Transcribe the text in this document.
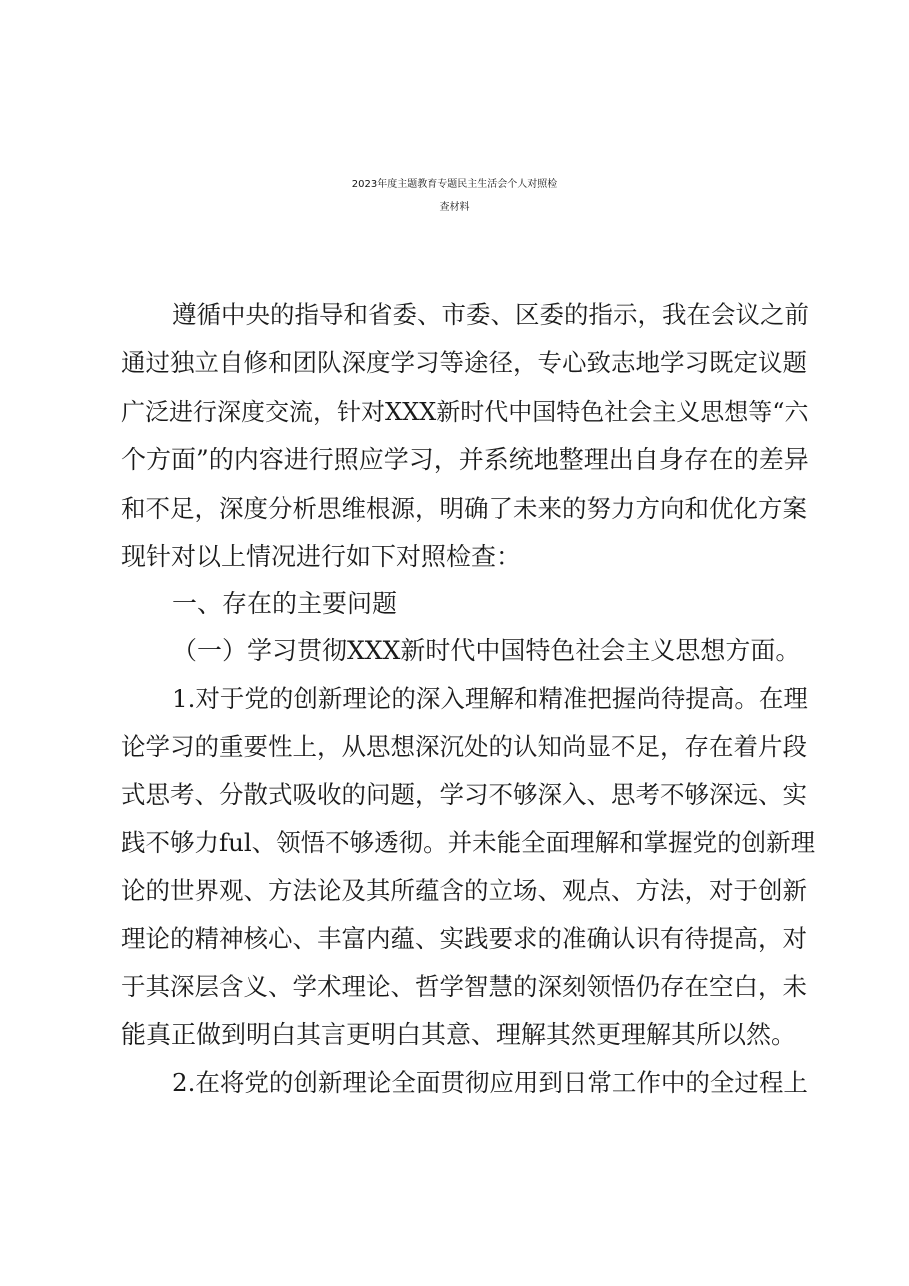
2023年度主题教育专题民主生活会个人对照检
查材料
遵循中央的指导和省委、市委、区委的指示，我在会议之前
通过独立自修和团队深度学习等途径，专心致志地学习既定议题
广泛进行深度交流，针对XXX新时代中国特色社会主义思想等“六
个方面”的内容进行照应学习，并系统地整理出自身存在的差异
和不足，深度分析思维根源，明确了未来的努力方向和优化方案
现针对以上情况进行如下对照检查：
一、存在的主要问题
（一）学习贯彻XXX新时代中国特色社会主义思想方面。
1.对于党的创新理论的深入理解和精准把握尚待提高。在理
论学习的重要性上，从思想深沉处的认知尚显不足，存在着片段
式思考、分散式吸收的问题，学习不够深入、思考不够深远、实
践不够力ful、领悟不够透彻。并未能全面理解和掌握党的创新理
论的世界观、方法论及其所蕴含的立场、观点、方法，对于创新
理论的精神核心、丰富内蕴、实践要求的准确认识有待提高，对
于其深层含义、学术理论、哲学智慧的深刻领悟仍存在空白，未
能真正做到明白其言更明白其意、理解其然更理解其所以然。
2.在将党的创新理论全面贯彻应用到日常工作中的全过程上
